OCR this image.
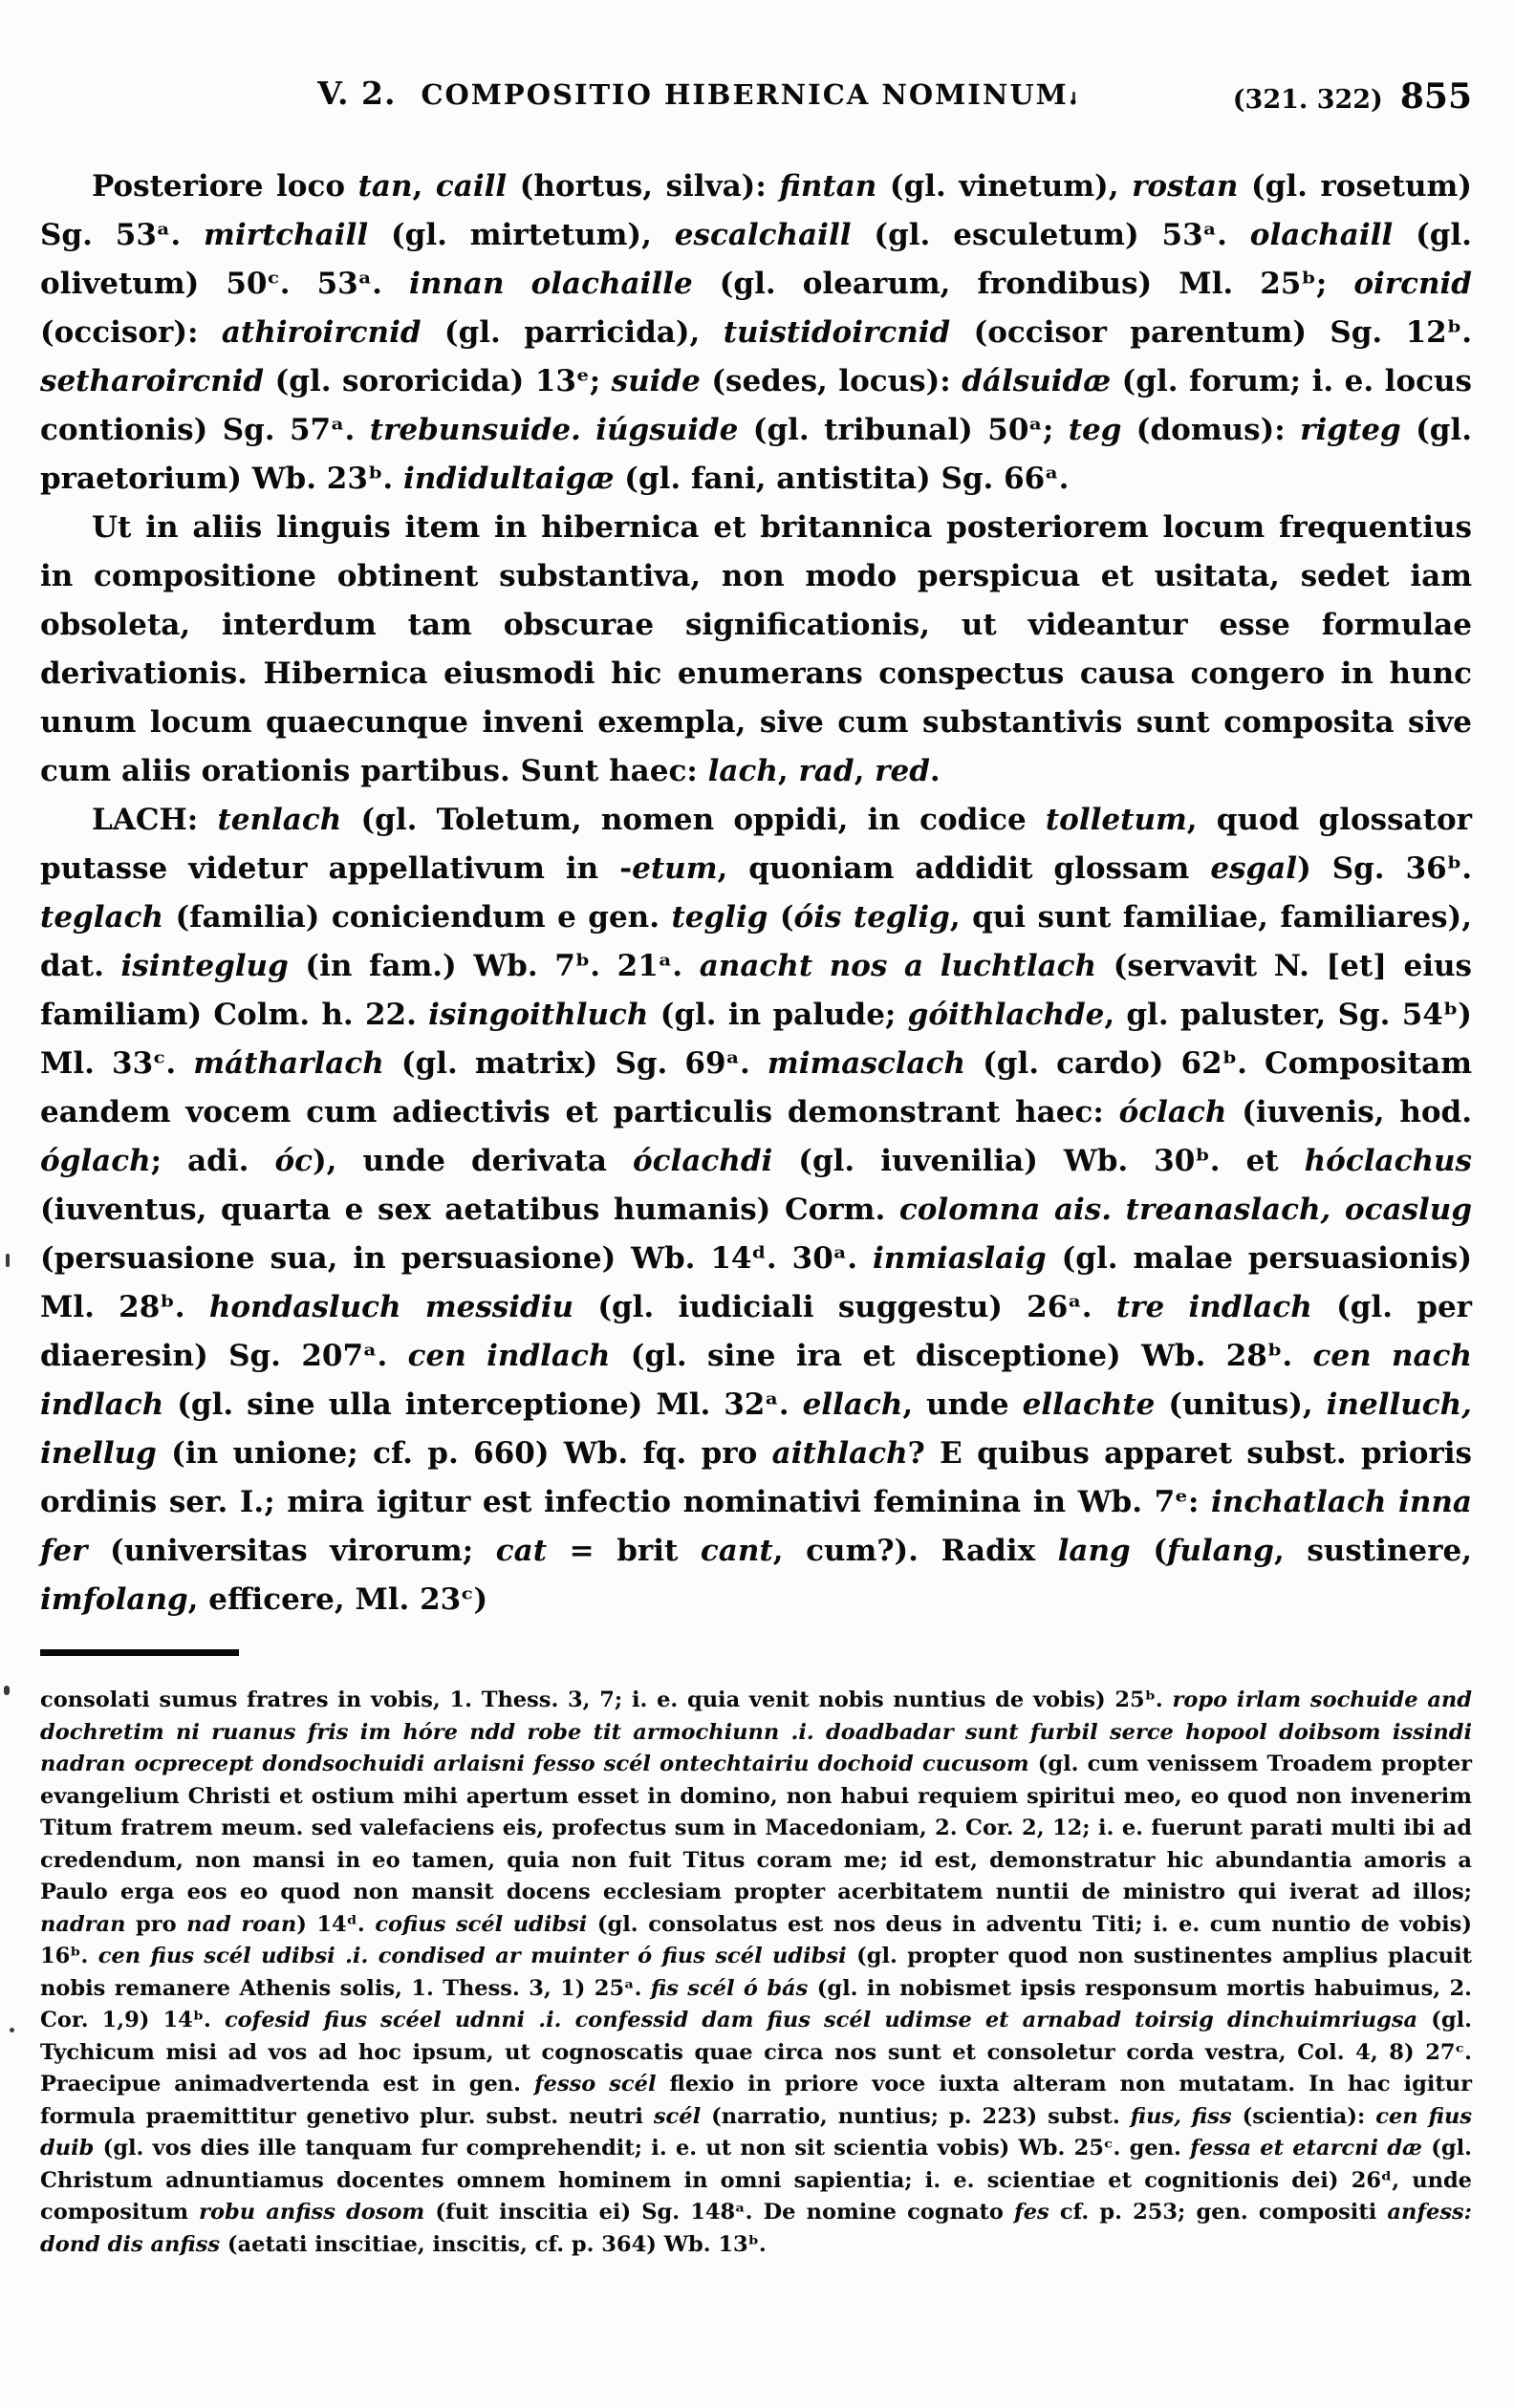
V. 2. COMPOSITIO HIBERNICA NOMINUM.	(321. 322) 855

Posteriore loco tan, caill (hortus, silva): fintan (gl. vinetum), rostan (gl. rosetum) Sg. 53ᵃ. mirtchaill (gl. mirtetum), escalchaill (gl. esculetum) 53ᵃ. olachaill (gl. olivetum) 50ᶜ. 53ᵃ. innan olachaille (gl. olearum, frondibus) Ml. 25ᵇ; oircnid (occisor): athiroircnid (gl. parricida), tuistidoircnid (occisor parentum) Sg. 12ᵇ. setharoircnid (gl. sororicida) 13ᵉ; suide (sedes, locus): dálsuidæ (gl. forum; i. e. locus contionis) Sg. 57ᵃ. trebunsuide. iúgsuide (gl. tribunal) 50ᵃ; teg (domus): rigteg (gl. praetorium) Wb. 23ᵇ. indidultaigæ (gl. fani, antistita) Sg. 66ᵃ.

Ut in aliis linguis item in hibernica et britannica posteriorem locum frequentius in compositione obtinent substantiva, non modo perspicua et usitata, sedet iam obsoleta, interdum tam obscurae significationis, ut videantur esse formulae derivationis. Hibernica eiusmodi hic enumerans conspectus causa congero in hunc unum locum quaecunque inveni exempla, sive cum substantivis sunt composita sive cum aliis orationis partibus. Sunt haec: lach, rad, red.

LACH: tenlach (gl. Toletum, nomen oppidi, in codice tolletum, quod glossator putasse videtur appellativum in -etum, quoniam addidit glossam esgal) Sg. 36ᵇ. teglach (familia) coniciendum e gen. teglig (óis teglig, qui sunt familiae, familiares), dat. isinteglug (in fam.) Wb. 7ᵇ. 21ᵃ. anacht nos a luchtlach (servavit N. [et] eius familiam) Colm. h. 22. isingoithluch (gl. in palude; góithlachde, gl. paluster, Sg. 54ᵇ) Ml. 33ᶜ. mátharlach (gl. matrix) Sg. 69ᵃ. mimasclach (gl. cardo) 62ᵇ. Compositam eandem vocem cum adiectivis et particulis demonstrant haec: óclach (iuvenis, hod. óglach; adi. óc), unde derivata óclachdi (gl. iuvenilia) Wb. 30ᵇ. et hóclachus (iuventus, quarta e sex aetatibus humanis) Corm. colomna ais. treanaslach, ocaslug (persuasione sua, in persuasione) Wb. 14ᵈ. 30ᵃ. inmiaslaig (gl. malae persuasionis) Ml. 28ᵇ. hondasluch messidiu (gl. iudiciali suggestu) 26ᵃ. tre indlach (gl. per diaeresin) Sg. 207ᵃ. cen indlach (gl. sine ira et disceptione) Wb. 28ᵇ. cen nach indlach (gl. sine ulla interceptione) Ml. 32ᵃ. ellach, unde ellachte (unitus), inelluch, inellug (in unione; cf. p. 660) Wb. fq. pro aithlach? E quibus apparet subst. prioris ordinis ser. I.; mira igitur est infectio nominativi feminina in Wb. 7ᵉ: inchatlach inna fer (universitas virorum; cat = brit cant, cum?). Radix lang (fulang, sustinere, imfolang, efficere, Ml. 23ᶜ)

consolati sumus fratres in vobis, 1. Thess. 3, 7; i. e. quia venit nobis nuntius de vobis) 25ᵇ. ropo irlam sochuide and dochretim ni ruanus fris im hóre ndd robe tit armochiunn .i. doadbadar sunt furbil serce hopool doibsom issindi nadran ocprecept dondsochuidi arlaisni fesso scél ontechtairiu dochoid cucusom (gl. cum venissem Troadem propter evangelium Christi et ostium mihi apertum esset in domino, non habui requiem spiritui meo, eo quod non invenerim Titum fratrem meum. sed valefaciens eis, profectus sum in Macedoniam, 2. Cor. 2, 12; i. e. fuerunt parati multi ibi ad credendum, non mansi in eo tamen, quia non fuit Titus coram me; id est, demonstratur hic abundantia amoris a Paulo erga eos eo quod non mansit docens ecclesiam propter acerbitatem nuntii de ministro qui iverat ad illos; nadran pro nad roan) 14ᵈ. cofius scél udibsi (gl. consolatus est nos deus in adventu Titi; i. e. cum nuntio de vobis) 16ᵇ. cen fius scél udibsi .i. condised ar muinter ó fius scél udibsi (gl. propter quod non sustinentes amplius placuit nobis remanere Athenis solis, 1. Thess. 3, 1) 25ᵃ. fis scél ó bás (gl. in nobismet ipsis responsum mortis habuimus, 2. Cor. 1,9) 14ᵇ. cofesid fius scéel udnni .i. confessid dam fius scél udimse et arnabad toirsig dinchuimriugsa (gl. Tychicum misi ad vos ad hoc ipsum, ut cognoscatis quae circa nos sunt et consoletur corda vestra, Col. 4, 8) 27ᶜ. Praecipue animadvertenda est in gen. fesso scél flexio in priore voce iuxta alteram non mutatam. In hac igitur formula praemittitur genetivo plur. subst. neutri scél (narratio, nuntius; p. 223) subst. fius, fiss (scientia): cen fius duib (gl. vos dies ille tanquam fur comprehendit; i. e. ut non sit scientia vobis) Wb. 25ᶜ. gen. fessa et etarcni dæ (gl. Christum adnuntiamus docentes omnem hominem in omni sapientia; i. e. scientiae et cognitionis dei) 26ᵈ, unde compositum robu anfiss dosom (fuit inscitia ei) Sg. 148ᵃ. De nomine cognato fes cf. p. 253; gen. compositi anfess: dond dis anfiss (aetati inscitiae, inscitis, cf. p. 364) Wb. 13ᵇ.
